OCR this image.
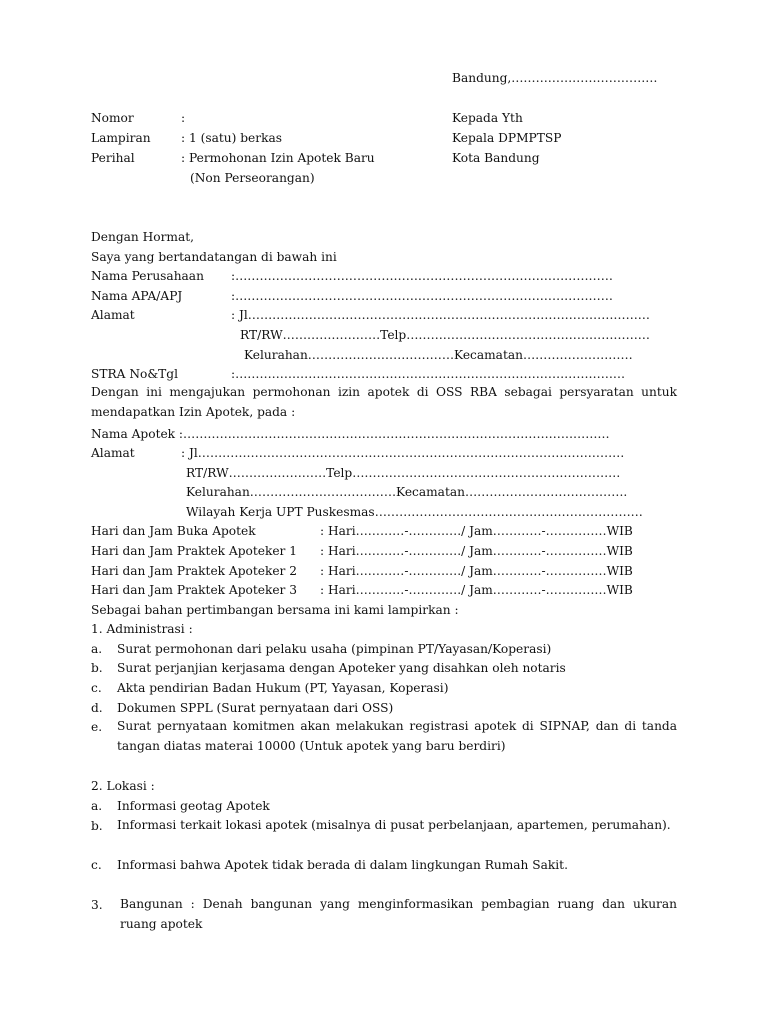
Bandung,………………………………
Nomor	:
Lampiran : 1 (satu) berkas
Perihal	: Permohonan Izin Apotek Baru
(Non Perseorangan)
Kepada Yth
Kepala DPMPTSP
Kota Bandung
Dengan Hormat,
Saya yang bertandatangan di bawah ini
Nama Perusahaan :…………………………………………………………………………………
Nama APA/APJ	:…………………………………………………………………………………
Alamat	: Jl………………………………………………………………………………………
RT/RW……………………Telp……………………………………………………
Kelurahan………………………………Kecamatan………………………
STRA No&Tgl	:……………………………………………………………………………………
Dengan ini mengajukan permohonan izin apotek di OSS RBA sebagai persyaratan untuk mendapatkan Izin Apotek, pada :
Nama Apotek :……………………………………………………………………………………………
Alamat	: Jl……………………………………………………………………………………………
RT/RW……………………Telp…………………………………………………………
Kelurahan………………………………Kecamatan………………………………….
Wilayah Kerja UPT Puskesmas…………………………………………………………
Hari dan Jam Buka Apotek	: Hari…………-…………./ Jam…………-……………WIB
Hari dan Jam Praktek Apoteker 1 : Hari…………-…………./ Jam…………-……………WIB
Hari dan Jam Praktek Apoteker 2 : Hari…………-…………./ Jam…………-……………WIB
Hari dan Jam Praktek Apoteker 3 : Hari…………-…………./ Jam…………-……………WIB
Sebagai bahan pertimbangan bersama ini kami lampirkan :
1. Administrasi :
a. Surat permohonan dari pelaku usaha (pimpinan PT/Yayasan/Koperasi)
b. Surat perjanjian kerjasama dengan Apoteker yang disahkan oleh notaris
c. Akta pendirian Badan Hukum (PT, Yayasan, Koperasi)
d. Dokumen SPPL (Surat pernyataan dari OSS)
e. Surat pernyataan komitmen akan melakukan registrasi apotek di SIPNAP, dan di tanda tangan diatas materai 10000 (Untuk apotek yang baru berdiri)
2. Lokasi :
a. Informasi geotag Apotek
b. Informasi terkait lokasi apotek (misalnya di pusat perbelanjaan, apartemen, perumahan).
c. Informasi bahwa Apotek tidak berada di dalam lingkungan Rumah Sakit.
3. Bangunan : Denah bangunan yang menginformasikan pembagian ruang dan ukuran ruang apotek
